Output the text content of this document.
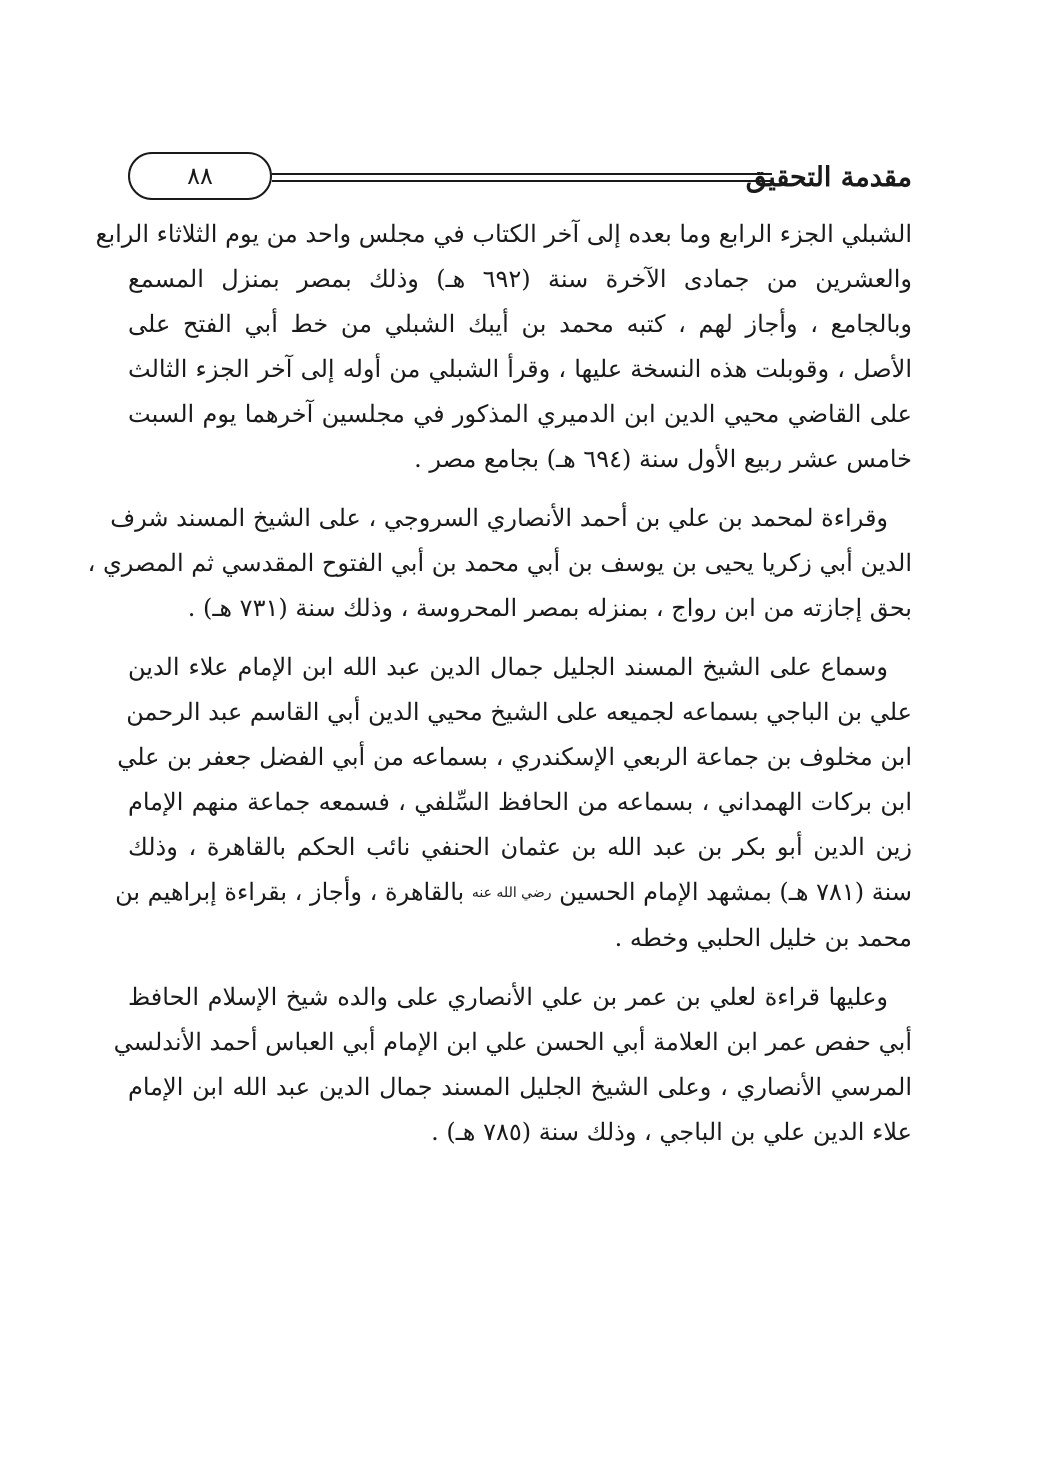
٨٨	مقدمة التحقيق
الشبلي الجزء الرابع وما بعده إلى آخر الكتاب في مجلس واحد من يوم الثلاثاء الرابع
والعشرين من جمادى الآخرة سنة (٦٩٢ هـ) وذلك بمصر بمنزل المسمع
وبالجامع ، وأجاز لهم ، كتبه محمد بن أيبك الشبلي من خط أبي الفتح على
الأصل ، وقوبلت هذه النسخة عليها ، وقرأ الشبلي من أوله إلى آخر الجزء الثالث
على القاضي محيي الدين ابن الدميري المذكور في مجلسين آخرهما يوم السبت
خامس عشر ربيع الأول سنة (٦٩٤ هـ) بجامع مصر .
وقراءة لمحمد بن علي بن أحمد الأنصاري السروجي ، على الشيخ المسند شرف
الدين أبي زكريا يحيى بن يوسف بن أبي محمد بن أبي الفتوح المقدسي ثم المصري ،
بحق إجازته من ابن رواج ، بمنزله بمصر المحروسة ، وذلك سنة (٧٣١ هـ) .
وسماع على الشيخ المسند الجليل جمال الدين عبد الله ابن الإمام علاء الدين
علي بن الباجي بسماعه لجميعه على الشيخ محيي الدين أبي القاسم عبد الرحمن
ابن مخلوف بن جماعة الربعي الإسكندري ، بسماعه من أبي الفضل جعفر بن علي
ابن بركات الهمداني ، بسماعه من الحافظ السِّلفي ، فسمعه جماعة منهم الإمام
زين الدين أبو بكر بن عبد الله بن عثمان الحنفي نائب الحكم بالقاهرة ، وذلك
سنة (٧٨١ هـ) بمشهد الإمام الحسين رضي الله عنه بالقاهرة ، وأجاز ، بقراءة إبراهيم بن
محمد بن خليل الحلبي وخطه .
وعليها قراءة لعلي بن عمر بن علي الأنصاري على والده شيخ الإسلام الحافظ
أبي حفص عمر ابن العلامة أبي الحسن علي ابن الإمام أبي العباس أحمد الأندلسي
المرسي الأنصاري ، وعلى الشيخ الجليل المسند جمال الدين عبد الله ابن الإمام
علاء الدين علي بن الباجي ، وذلك سنة (٧٨٥ هـ) .
